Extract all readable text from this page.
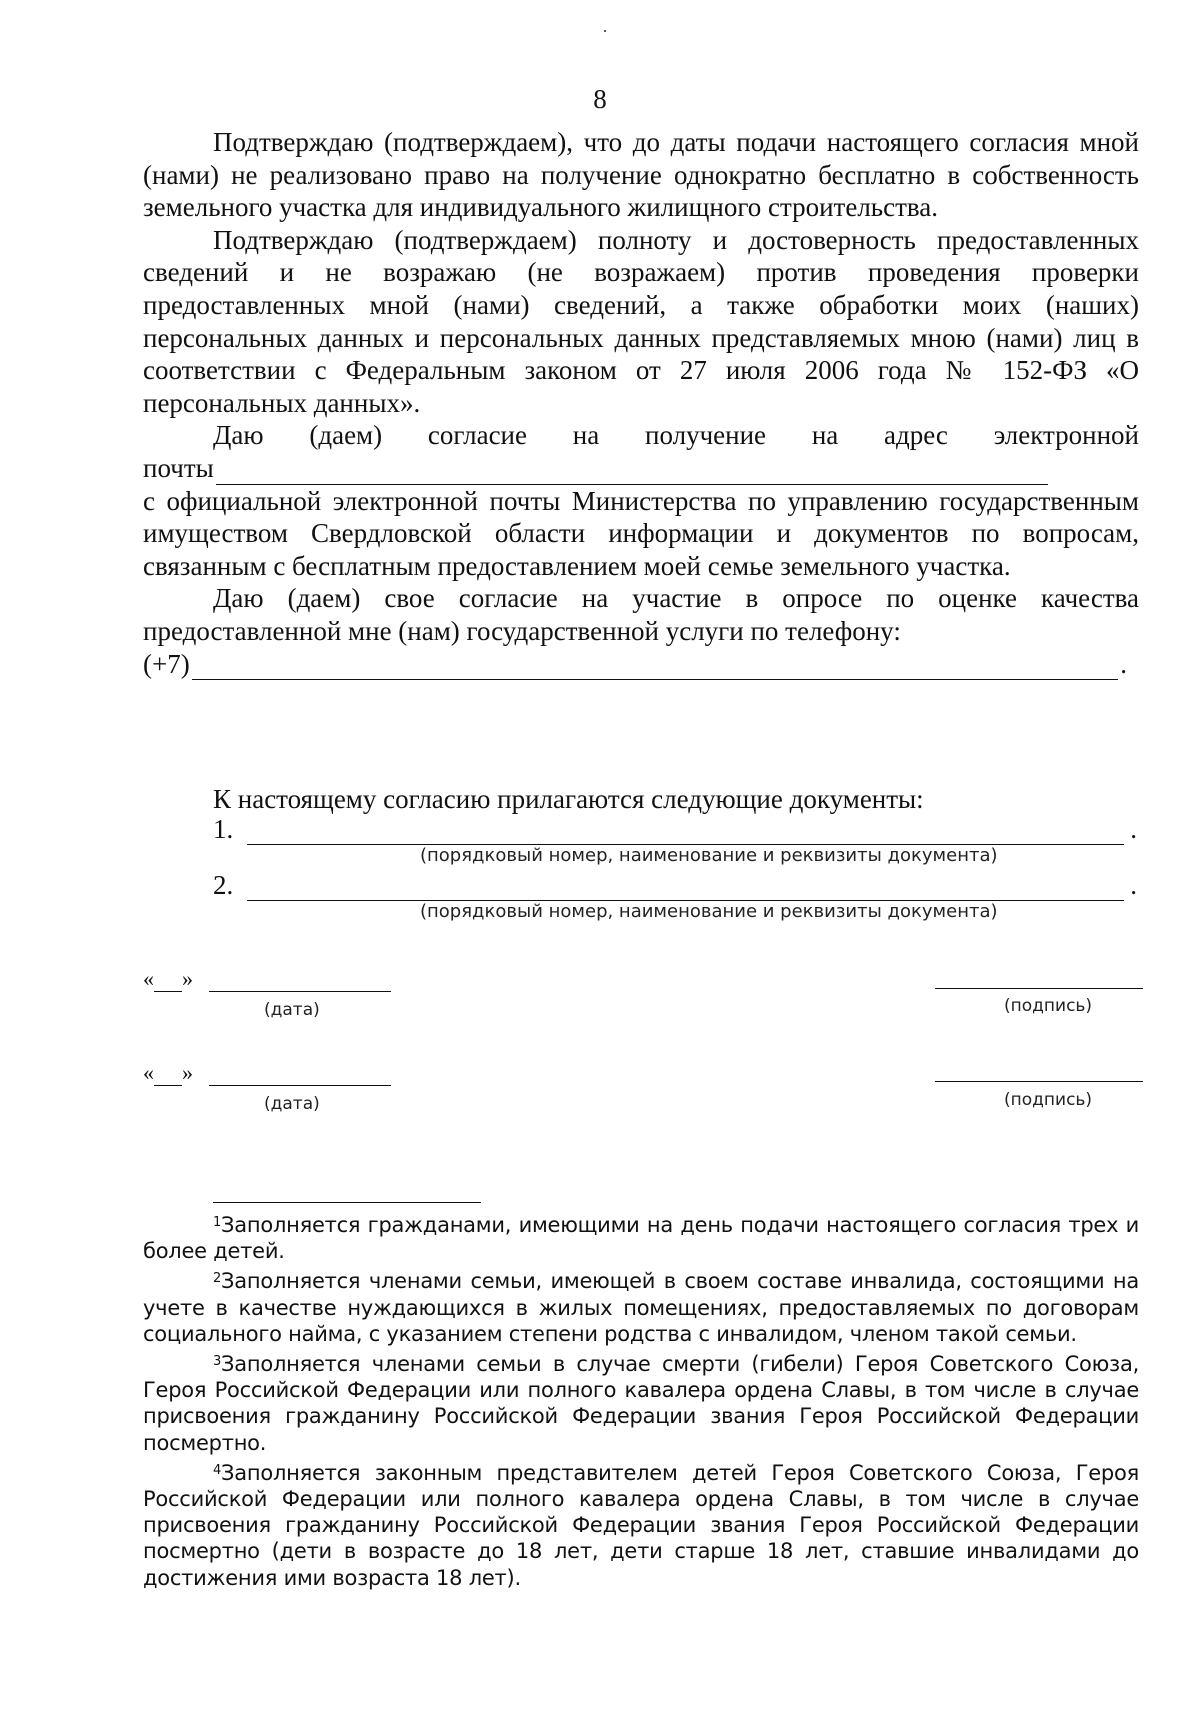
8

Подтверждаю (подтверждаем), что до даты подачи настоящего согласия мной (нами) не реализовано право на получение однократно бесплатно в собственность земельного участка для индивидуального жилищного строительства.

Подтверждаю (подтверждаем) полноту и достоверность предоставленных сведений и не возражаю (не возражаем) против проведения проверки предоставленных мной (нами) сведений, а также обработки моих (наших) персональных данных и персональных данных представляемых мною (нами) лиц в соответствии с Федеральным законом от 27 июля 2006 года № 152-ФЗ «О персональных данных».

Даю (даем) согласие на получение на адрес электронной

почты

с официальной электронной почты Министерства по управлению государственным имуществом Свердловской области информации и документов по вопросам, связанным с бесплатным предоставлением моей семье земельного участка.

Даю (даем) свое согласие на участие в опросе по оценке качества предоставленной мне (нам) государственной услуги по телефону:

(+7)	.
К настоящему согласию прилагаются следующие документы:
1.	.
(порядковый номер, наименование и реквизиты документа)
2.	.
(порядковый номер, наименование и реквизиты документа)
« »
(дата)	(подпись)
« »
(дата)	(подпись)

$^1$Заполняется гражданами, имеющими на день подачи настоящего согласия трех и более детей.

$^2$Заполняется членами семьи, имеющей в своем составе инвалида, состоящими на учете в качестве нуждающихся в жилых помещениях, предоставляемых по договорам социального найма, с указанием степени родства с инвалидом, членом такой семьи.

$^3$Заполняется членами семьи в случае смерти (гибели) Героя Советского Союза, Героя Российской Федерации или полного кавалера ордена Славы, в том числе в случае присвоения гражданину Российской Федерации звания Героя Российской Федерации посмертно.

$^4$Заполняется законным представителем детей Героя Советского Союза, Героя Российской Федерации или полного кавалера ордена Славы, в том числе в случае присвоения гражданину Российской Федерации звания Героя Российской Федерации посмертно (дети в возрасте до 18 лет, дети старше 18 лет, ставшие инвалидами до достижения ими возраста 18 лет).
